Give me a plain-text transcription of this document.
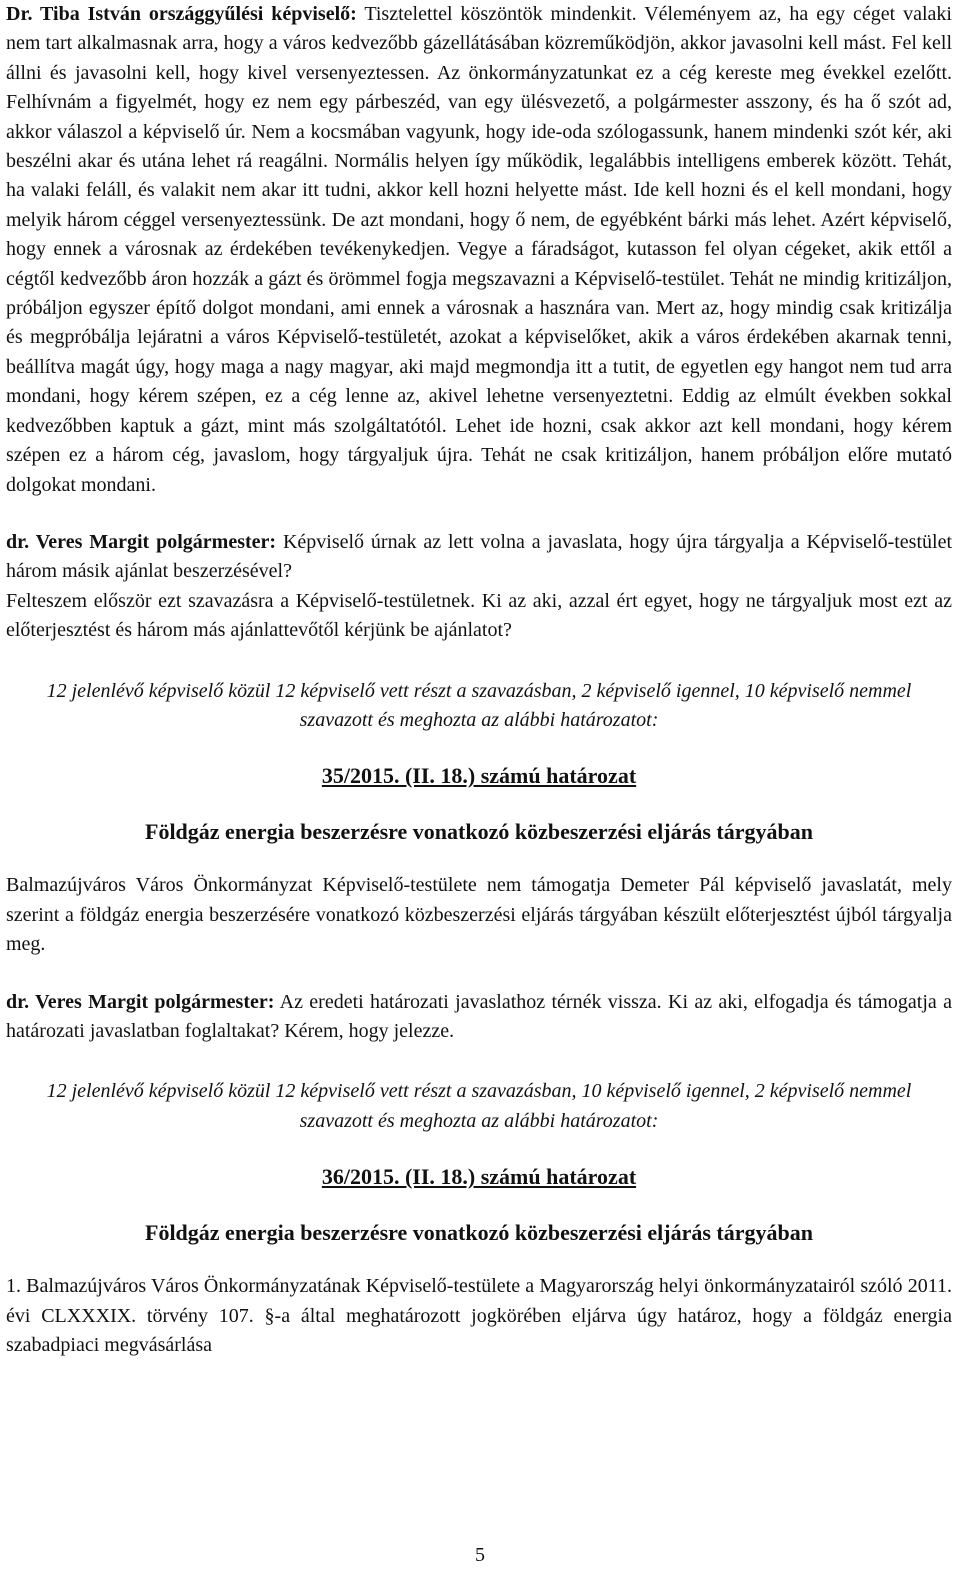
Dr. Tiba István országgyűlési képviselő: Tisztelettel köszöntök mindenkit. Véleményem az, ha egy céget valaki nem tart alkalmasnak arra, hogy a város kedvezőbb gázellátásában közreműködjön, akkor javasolni kell mást. Fel kell állni és javasolni kell, hogy kivel versenyeztessen. Az önkormányzatunkat ez a cég kereste meg évekkel ezelőtt. Felhívnám a figyelmét, hogy ez nem egy párbeszéd, van egy ülésvezető, a polgármester asszony, és ha ő szót ad, akkor válaszol a képviselő úr. Nem a kocsmában vagyunk, hogy ide-oda szólogassunk, hanem mindenki szót kér, aki beszélni akar és utána lehet rá reagálni. Normális helyen így működik, legalábbis intelligens emberek között. Tehát, ha valaki feláll, és valakit nem akar itt tudni, akkor kell hozni helyette mást. Ide kell hozni és el kell mondani, hogy melyik három céggel versenyeztessünk. De azt mondani, hogy ő nem, de egyébként bárki más lehet. Azért képviselő, hogy ennek a városnak az érdekében tevékenykedjen. Vegye a fáradságot, kutasson fel olyan cégeket, akik ettől a cégtől kedvezőbb áron hozzák a gázt és örömmel fogja megszavazni a Képviselő-testület. Tehát ne mindig kritizáljon, próbáljon egyszer építő dolgot mondani, ami ennek a városnak a hasznára van. Mert az, hogy mindig csak kritizálja és megpróbálja lejáratni a város Képviselő-testületét, azokat a képviselőket, akik a város érdekében akarnak tenni, beállítva magát úgy, hogy maga a nagy magyar, aki majd megmondja itt a tutit, de egyetlen egy hangot nem tud arra mondani, hogy kérem szépen, ez a cég lenne az, akivel lehetne versenyeztetni. Eddig az elmúlt években sokkal kedvezőbben kaptuk a gázt, mint más szolgáltatótól. Lehet ide hozni, csak akkor azt kell mondani, hogy kérem szépen ez a három cég, javaslom, hogy tárgyaljuk újra. Tehát ne csak kritizáljon, hanem próbáljon előre mutató dolgokat mondani.

dr. Veres Margit polgármester: Képviselő úrnak az lett volna a javaslata, hogy újra tárgyalja a Képviselő-testület három másik ajánlat beszerzésével?

Felteszem először ezt szavazásra a Képviselő-testületnek. Ki az aki, azzal ért egyet, hogy ne tárgyaljuk most ezt az előterjesztést és három más ajánlattevőtől kérjünk be ajánlatot?

12 jelenlévő képviselő közül 12 képviselő vett részt a szavazásban, 2 képviselő igennel, 10 képviselő nemmel szavazott és meghozta az alábbi határozatot:

35/2015. (II. 18.) számú határozat

Földgáz energia beszerzésre vonatkozó közbeszerzési eljárás tárgyában

Balmazújváros Város Önkormányzat Képviselő-testülete nem támogatja Demeter Pál képviselő javaslatát, mely szerint a földgáz energia beszerzésére vonatkozó közbeszerzési eljárás tárgyában készült előterjesztést újból tárgyalja meg.

dr. Veres Margit polgármester: Az eredeti határozati javaslathoz térnék vissza. Ki az aki, elfogadja és támogatja a határozati javaslatban foglaltakat? Kérem, hogy jelezze.

12 jelenlévő képviselő közül 12 képviselő vett részt a szavazásban, 10 képviselő igennel, 2 képviselő nemmel szavazott és meghozta az alábbi határozatot:

36/2015. (II. 18.) számú határozat

Földgáz energia beszerzésre vonatkozó közbeszerzési eljárás tárgyában

1. Balmazújváros Város Önkormányzatának Képviselő-testülete a Magyarország helyi önkormányzatairól szóló 2011. évi CLXXXIX. törvény 107. §-a által meghatározott jogkörében eljárva úgy határoz, hogy a földgáz energia szabadpiaci megvásárlása

5
